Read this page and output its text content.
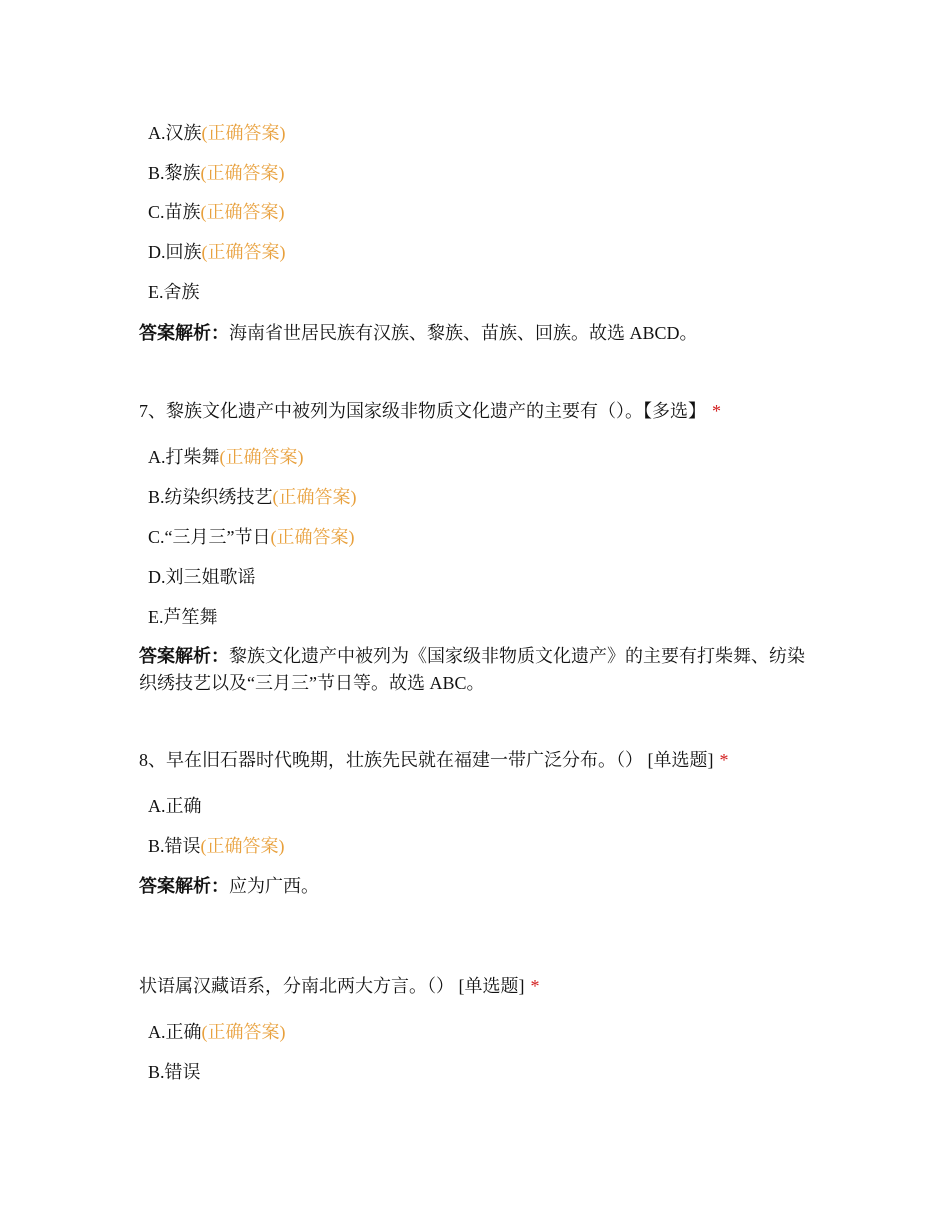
A.汉族(正确答案)
B.黎族(正确答案)
C.苗族(正确答案)
D.回族(正确答案)
E.舍族
答案解析：海南省世居民族有汉族、黎族、苗族、回族。故选 ABCD。
7、黎族文化遗产中被列为国家级非物质文化遗产的主要有（）。【多选】 *
A.打柴舞(正确答案)
B.纺染织绣技艺(正确答案)
C.“三月三”节日(正确答案)
D.刘三姐歌谣
E.芦笙舞
答案解析：黎族文化遗产中被列为《国家级非物质文化遗产》的主要有打柴舞、纺染织绣技艺以及“三月三”节日等。故选 ABC。
8、早在旧石器时代晚期，壮族先民就在福建一带广泛分布。（） [单选题] *
A.正确
B.错误(正确答案)
答案解析：应为广西。
状语属汉藏语系，分南北两大方言。（） [单选题] *
A.正确(正确答案)
B.错误
